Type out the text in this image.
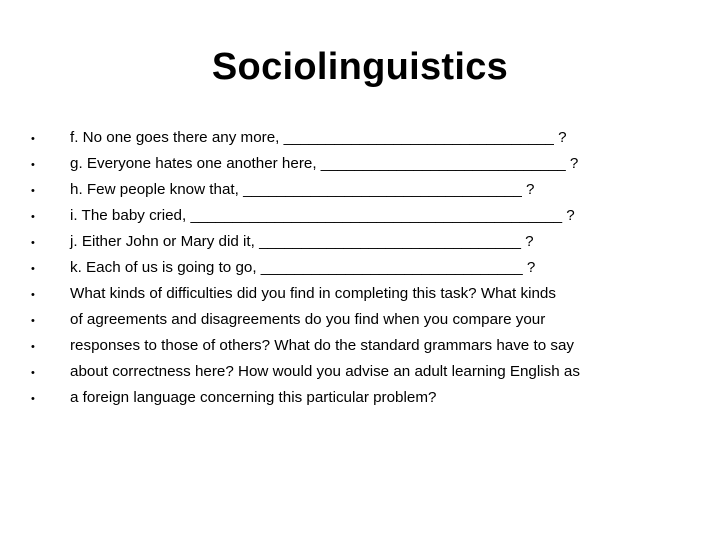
Sociolinguistics
• f. No one goes there any more, ________________________________ ?
• g. Everyone hates one another here, _____________________________ ?
• h. Few people know that, _________________________________ ?
• i. The baby cried, ____________________________________________ ?
• j. Either John or Mary did it, _______________________________ ?
• k. Each of us is going to go, _______________________________ ?
• What kinds of difficulties did you find in completing this task? What kinds
• of agreements and disagreements do you find when you compare your
• responses to those of others? What do the standard grammars have to say
• about correctness here? How would you advise an adult learning English as
• a foreign language concerning this particular problem?
